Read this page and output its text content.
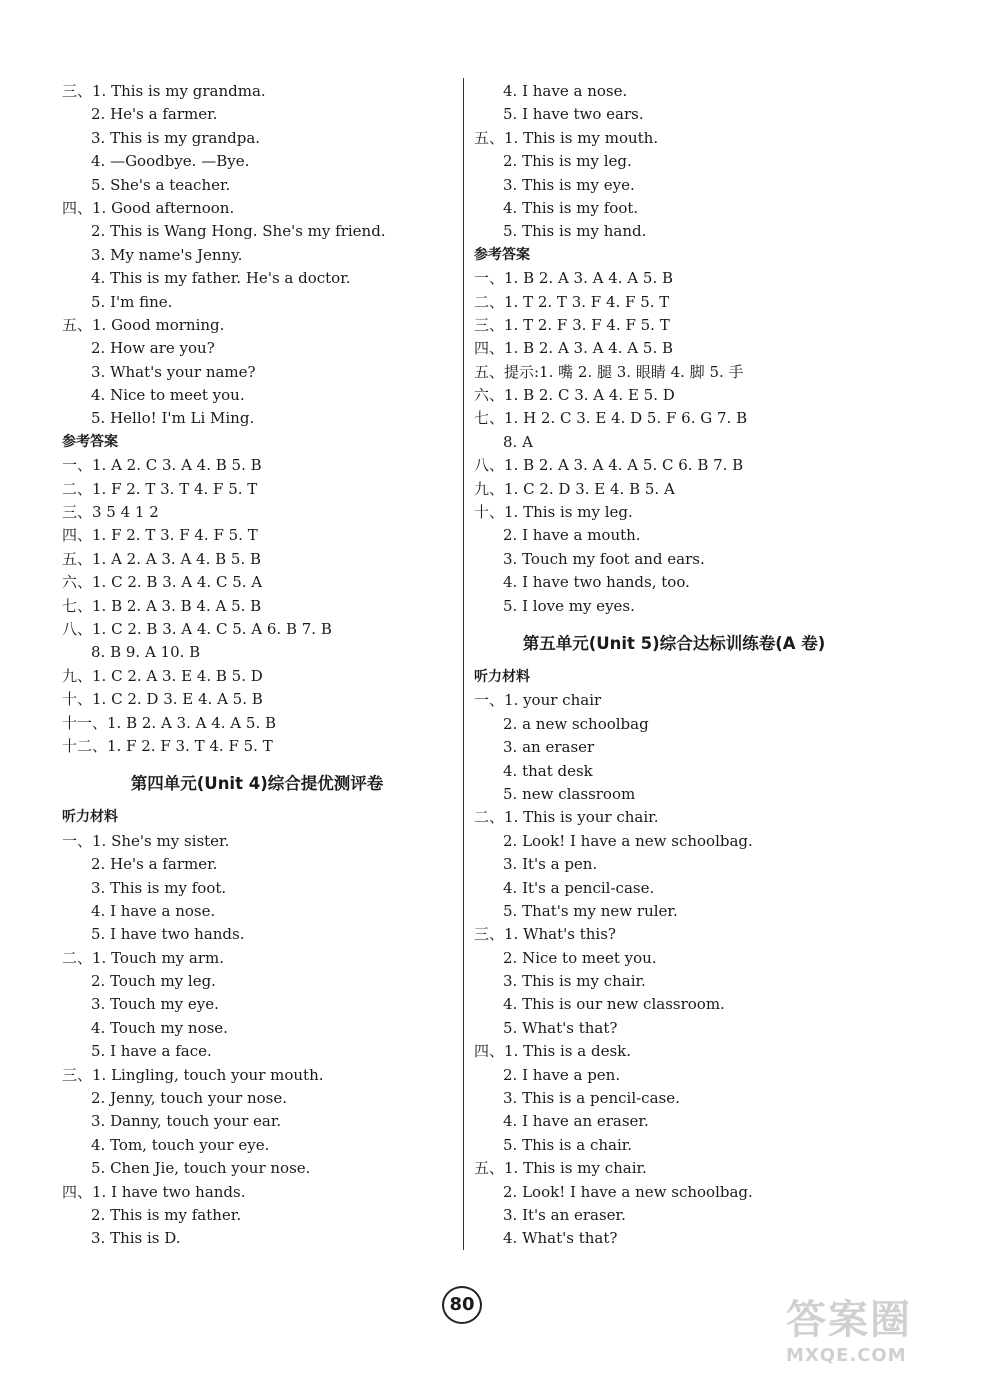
三、1. This is my grandma.
2. He's a farmer.
3. This is my grandpa.
4. —Goodbye. —Bye.
5. She's a teacher.
四、1. Good afternoon.
2. This is Wang Hong. She's my friend.
3. My name's Jenny.
4. This is my father. He's a doctor.
5. I'm fine.
五、1. Good morning.
2. How are you?
3. What's your name?
4. Nice to meet you.
5. Hello! I'm Li Ming.
参考答案
一、1. A 2. C 3. A 4. B 5. B
二、1. F 2. T 3. T 4. F 5. T
三、3 5 4 1 2
四、1. F 2. T 3. F 4. F 5. T
五、1. A 2. A 3. A 4. B 5. B
六、1. C 2. B 3. A 4. C 5. A
七、1. B 2. A 3. B 4. A 5. B
八、1. C 2. B 3. A 4. C 5. A 6. B 7. B
8. B 9. A 10. B
九、1. C 2. A 3. E 4. B 5. D
十、1. C 2. D 3. E 4. A 5. B
十一、1. B 2. A 3. A 4. A 5. B
十二、1. F 2. F 3. T 4. F 5. T
第四单元(Unit 4)综合提优测评卷
听力材料
一、1. She's my sister.
2. He's a farmer.
3. This is my foot.
4. I have a nose.
5. I have two hands.
二、1. Touch my arm.
2. Touch my leg.
3. Touch my eye.
4. Touch my nose.
5. I have a face.
三、1. Lingling, touch your mouth.
2. Jenny, touch your nose.
3. Danny, touch your ear.
4. Tom, touch your eye.
5. Chen Jie, touch your nose.
四、1. I have two hands.
2. This is my father.
3. This is D.
4. I have a nose.
5. I have two ears.
五、1. This is my mouth.
2. This is my leg.
3. This is my eye.
4. This is my foot.
5. This is my hand.
参考答案
一、1. B 2. A 3. A 4. A 5. B
二、1. T 2. T 3. F 4. F 5. T
三、1. T 2. F 3. F 4. F 5. T
四、1. B 2. A 3. A 4. A 5. B
五、提示:1. 嘴 2. 腿 3. 眼睛 4. 脚 5. 手
六、1. B 2. C 3. A 4. E 5. D
七、1. H 2. C 3. E 4. D 5. F 6. G 7. B
8. A
八、1. B 2. A 3. A 4. A 5. C 6. B 7. B
九、1. C 2. D 3. E 4. B 5. A
十、1. This is my leg.
2. I have a mouth.
3. Touch my foot and ears.
4. I have two hands, too.
5. I love my eyes.
第五单元(Unit 5)综合达标训练卷(A 卷)
听力材料
一、1. your chair
2. a new schoolbag
3. an eraser
4. that desk
5. new classroom
二、1. This is your chair.
2. Look! I have a new schoolbag.
3. It's a pen.
4. It's a pencil-case.
5. That's my new ruler.
三、1. What's this?
2. Nice to meet you.
3. This is my chair.
4. This is our new classroom.
5. What's that?
四、1. This is a desk.
2. I have a pen.
3. This is a pencil-case.
4. I have an eraser.
5. This is a chair.
五、1. This is my chair.
2. Look! I have a new schoolbag.
3. It's an eraser.
4. What's that?
80	答案圈
MXQE.COM
